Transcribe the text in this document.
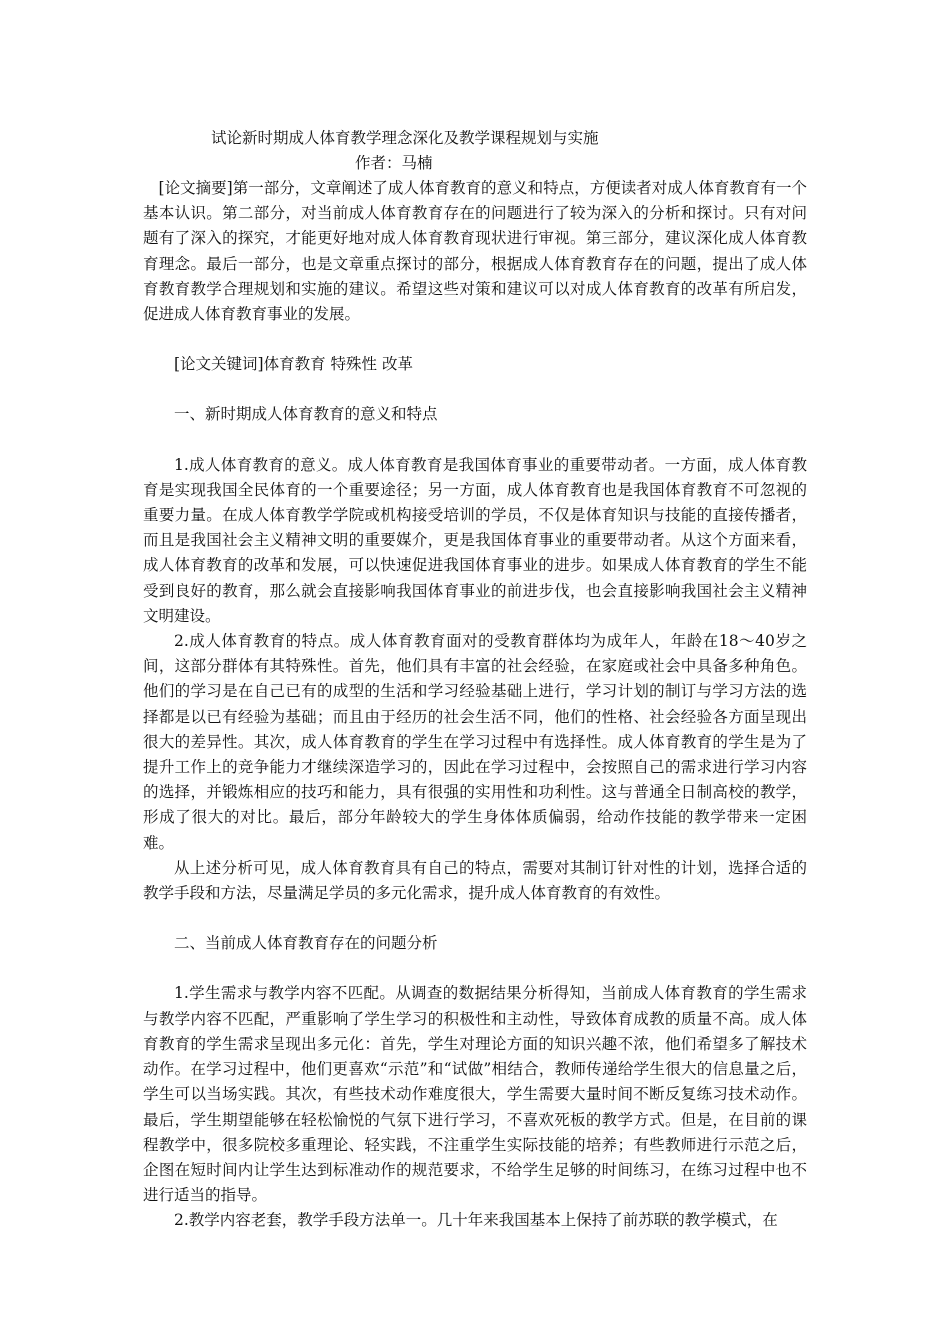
试论新时期成人体育教学理念深化及教学课程规划与实施
作者：马楠

[论文摘要]第一部分，文章阐述了成人体育教育的意义和特点，方便读者对成人体育教育有一个基本认识。第二部分，对当前成人体育教育存在的问题进行了较为深入的分析和探讨。只有对问题有了深入的探究，才能更好地对成人体育教育现状进行审视。第三部分，建议深化成人体育教育理念。最后一部分，也是文章重点探讨的部分，根据成人体育教育存在的问题，提出了成人体育教育教学合理规划和实施的建议。希望这些对策和建议可以对成人体育教育的改革有所启发，促进成人体育教育事业的发展。

[论文关键词]体育教育 特殊性 改革

一、新时期成人体育教育的意义和特点

1.成人体育教育的意义。成人体育教育是我国体育事业的重要带动者。一方面，成人体育教育是实现我国全民体育的一个重要途径；另一方面，成人体育教育也是我国体育教育不可忽视的重要力量。在成人体育教学学院或机构接受培训的学员，不仅是体育知识与技能的直接传播者，而且是我国社会主义精神文明的重要媒介，更是我国体育事业的重要带动者。从这个方面来看，成人体育教育的改革和发展，可以快速促进我国体育事业的进步。如果成人体育教育的学生不能受到良好的教育，那么就会直接影响我国体育事业的前进步伐，也会直接影响我国社会主义精神文明建设。

2.成人体育教育的特点。成人体育教育面对的受教育群体均为成年人，年龄在18～40岁之间，这部分群体有其特殊性。首先，他们具有丰富的社会经验，在家庭或社会中具备多种角色。他们的学习是在自己已有的成型的生活和学习经验基础上进行，学习计划的制订与学习方法的选择都是以已有经验为基础；而且由于经历的社会生活不同，他们的性格、社会经验各方面呈现出很大的差异性。其次，成人体育教育的学生在学习过程中有选择性。成人体育教育的学生是为了提升工作上的竞争能力才继续深造学习的，因此在学习过程中，会按照自己的需求进行学习内容的选择，并锻炼相应的技巧和能力，具有很强的实用性和功利性。这与普通全日制高校的教学，形成了很大的对比。最后，部分年龄较大的学生身体体质偏弱，给动作技能的教学带来一定困难。

从上述分析可见，成人体育教育具有自己的特点，需要对其制订针对性的计划，选择合适的教学手段和方法，尽量满足学员的多元化需求，提升成人体育教育的有效性。

二、当前成人体育教育存在的问题分析

1.学生需求与教学内容不匹配。从调查的数据结果分析得知，当前成人体育教育的学生需求与教学内容不匹配，严重影响了学生学习的积极性和主动性，导致体育成教的质量不高。成人体育教育的学生需求呈现出多元化：首先，学生对理论方面的知识兴趣不浓，他们希望多了解技术动作。在学习过程中，他们更喜欢“示范”和“试做”相结合，教师传递给学生很大的信息量之后，学生可以当场实践。其次，有些技术动作难度很大，学生需要大量时间不断反复练习技术动作。最后，学生期望能够在轻松愉悦的气氛下进行学习，不喜欢死板的教学方式。但是，在目前的课程教学中，很多院校多重理论、轻实践，不注重学生实际技能的培养；有些教师进行示范之后，企图在短时间内让学生达到标准动作的规范要求，不给学生足够的时间练习，在练习过程中也不进行适当的指导。

2.教学内容老套，教学手段方法单一。几十年来我国基本上保持了前苏联的教学模式，在
